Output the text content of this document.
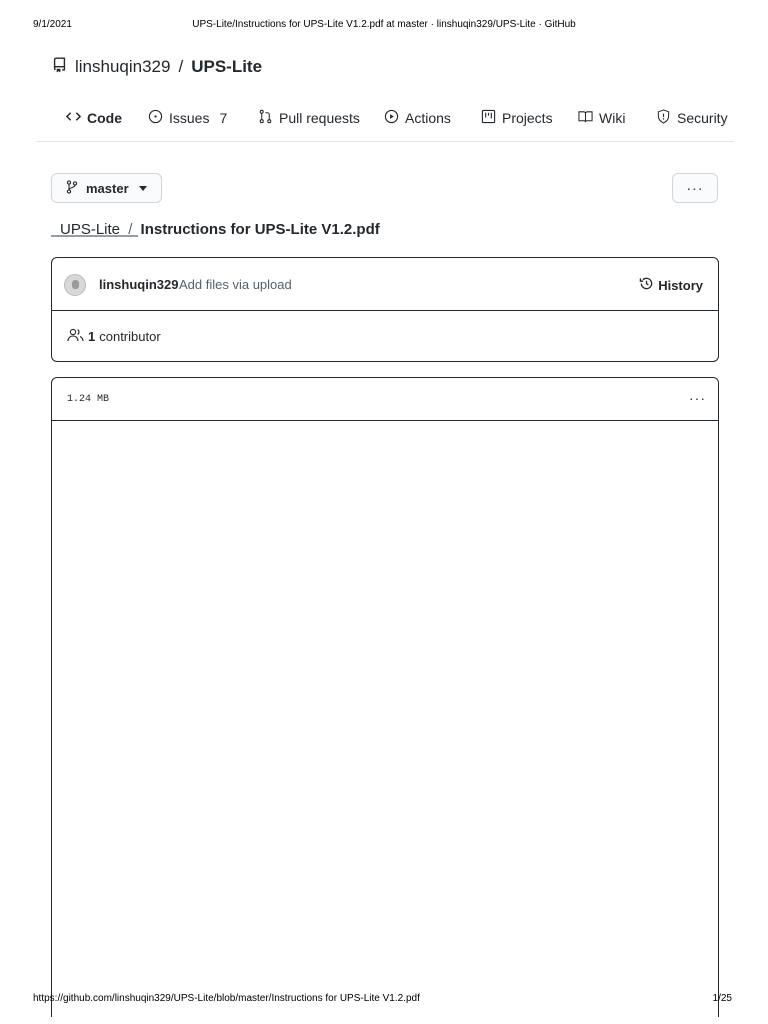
9/1/2021	UPS-Lite/Instructions for UPS-Lite V1.2.pdf at master · linshuqin329/UPS-Lite · GitHub
linshuqin329 / UPS-Lite
Code	Issues 7	Pull requests	Actions	Projects	Wiki	Security
master	···
UPS-Lite / Instructions for UPS-Lite V1.2.pdf
linshuqin329 Add files via upload	History
1 contributor
1.24 MB	···
https://github.com/linshuqin329/UPS-Lite/blob/master/Instructions for UPS-Lite V1.2.pdf	1/25
